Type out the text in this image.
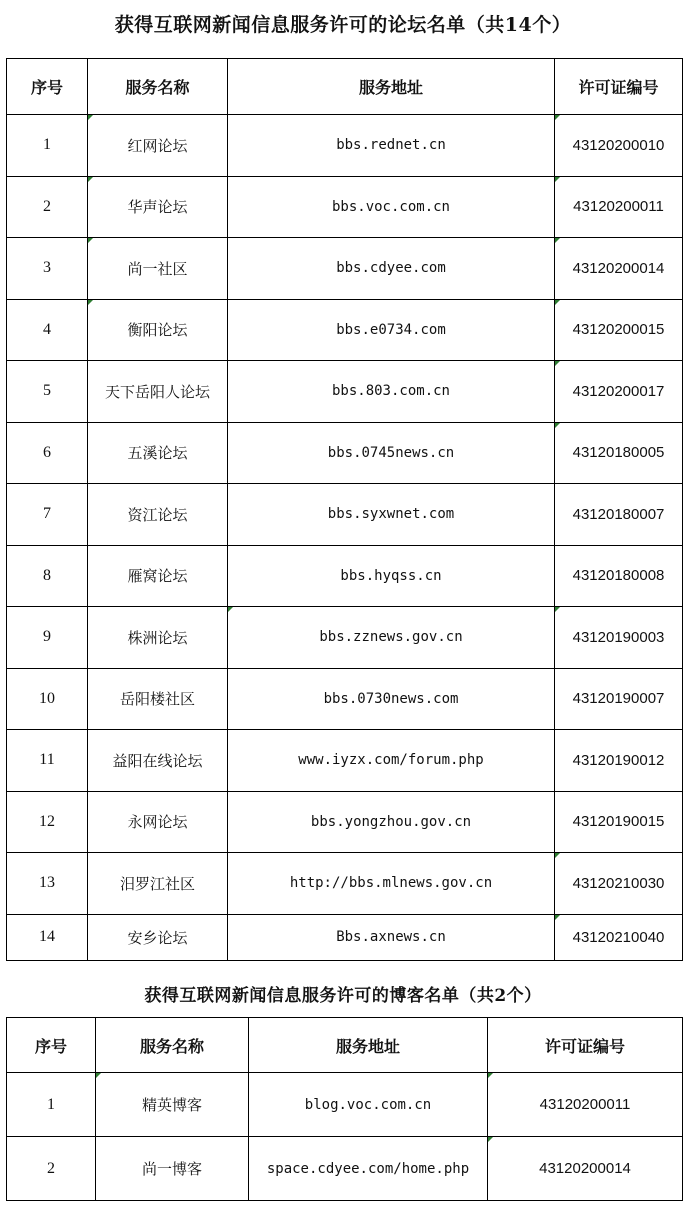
获得互联网新闻信息服务许可的论坛名单（共14个）
序号	服务名称	服务地址	许可证编号
1	红网论坛	bbs.rednet.cn	43120200010
2	华声论坛	bbs.voc.com.cn	43120200011
3	尚一社区	bbs.cdyee.com	43120200014
4	衡阳论坛	bbs.e0734.com	43120200015
5	天下岳阳人论坛	bbs.803.com.cn	43120200017
6	五溪论坛	bbs.0745news.cn	43120180005
7	资江论坛	bbs.syxwnet.com	43120180007
8	雁窝论坛	bbs.hyqss.cn	43120180008
9	株洲论坛	bbs.zznews.gov.cn	43120190003
10	岳阳楼社区	bbs.0730news.com	43120190007
11	益阳在线论坛	www.iyzx.com/forum.php	43120190012
12	永网论坛	bbs.yongzhou.gov.cn	43120190015
13	汨罗江社区	http://bbs.mlnews.gov.cn	43120210030
14	安乡论坛	Bbs.axnews.cn	43120210040
获得互联网新闻信息服务许可的博客名单（共2个）
序号	服务名称	服务地址	许可证编号
1	精英博客	blog.voc.com.cn	43120200011
2	尚一博客	space.cdyee.com/home.php	43120200014
